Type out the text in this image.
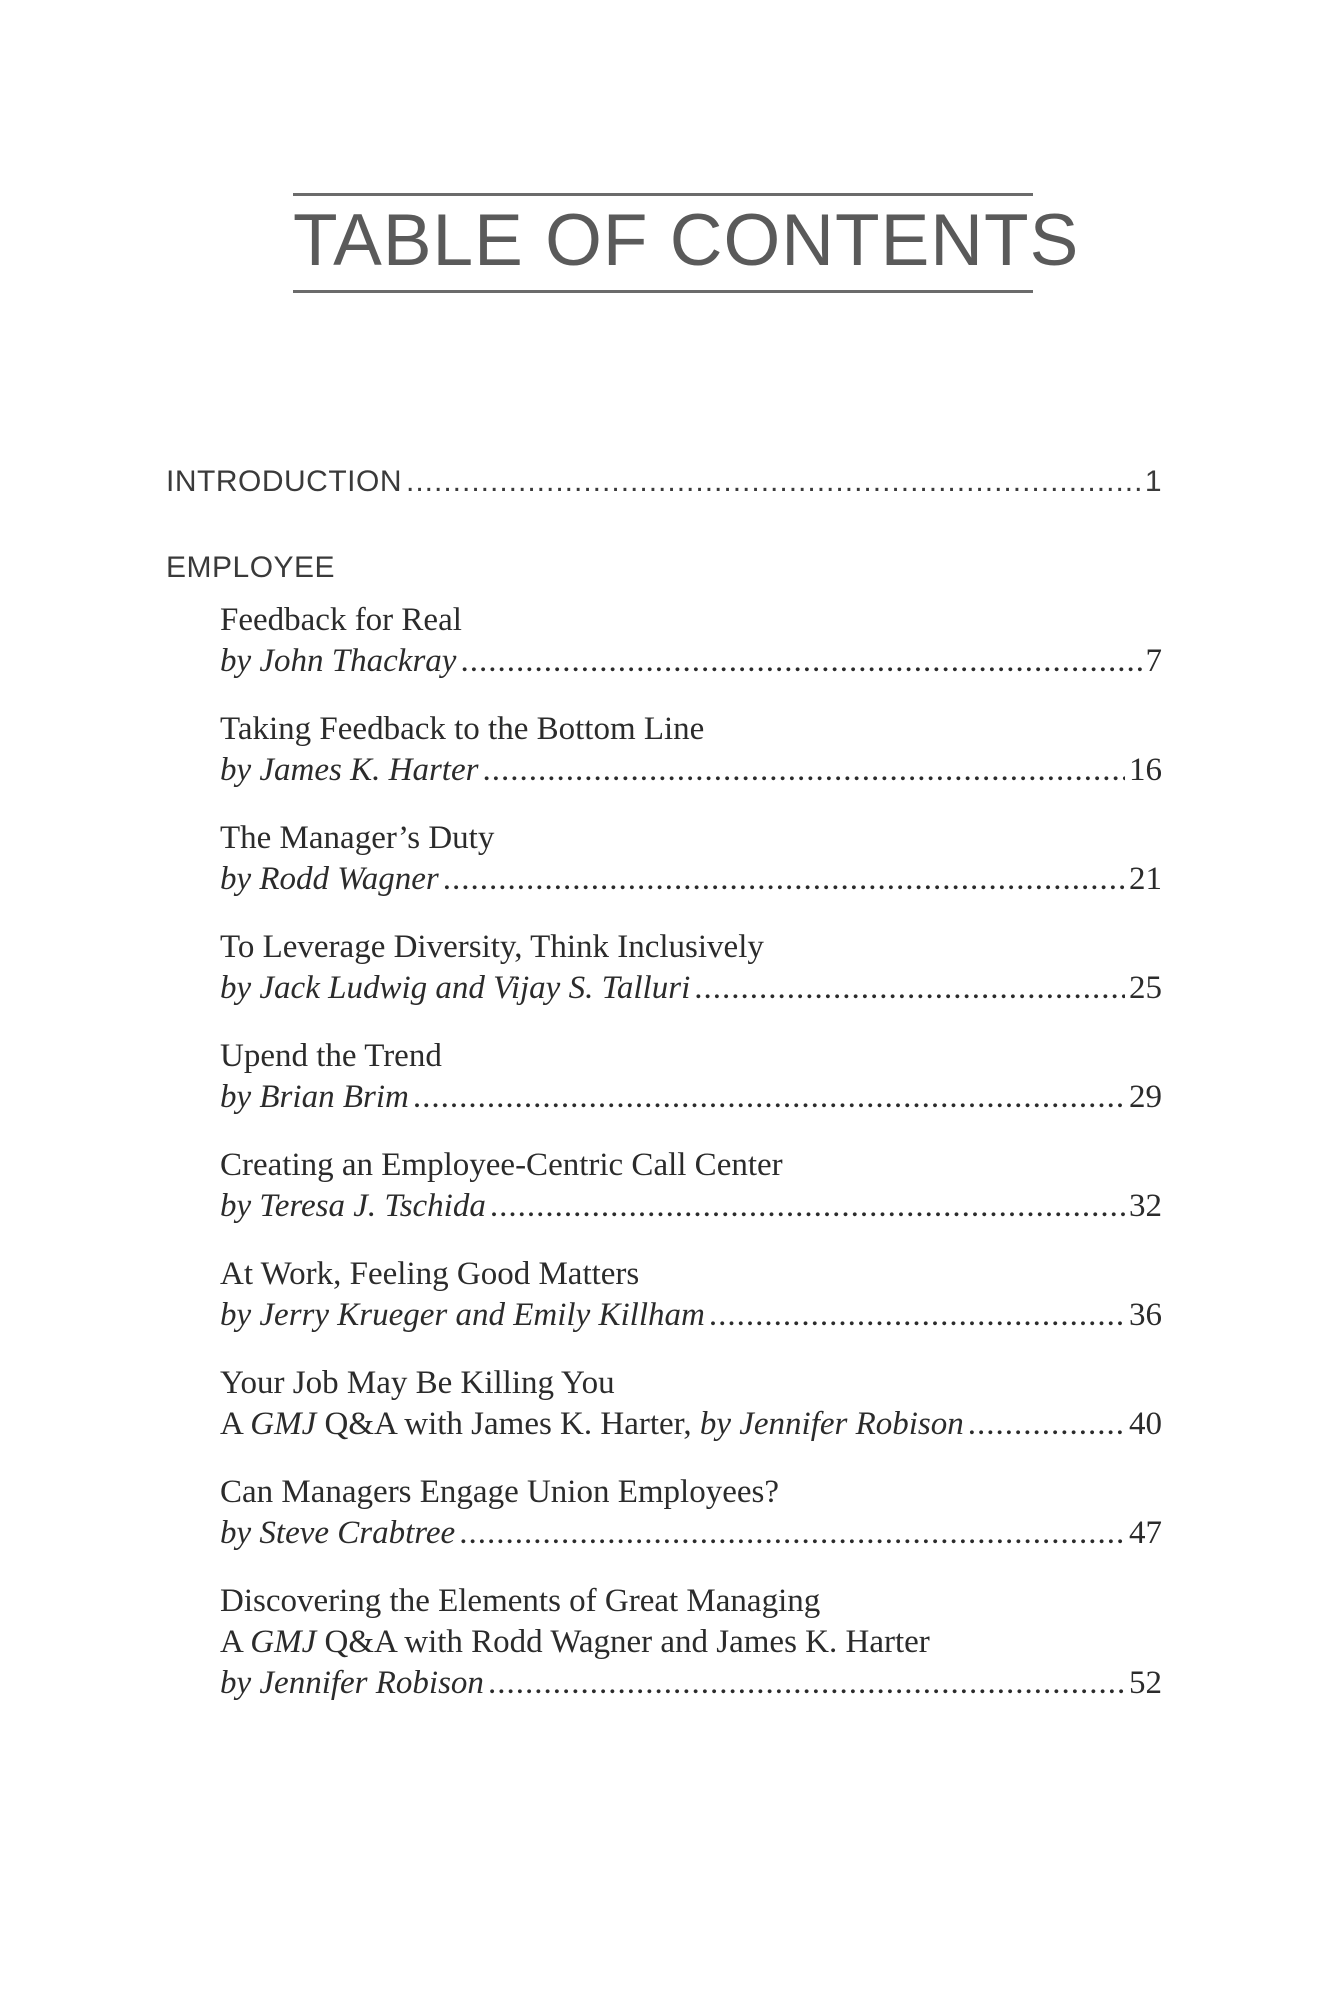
TABLE OF CONTENTS
INTRODUCTION .....	1
EMPLOYEE
Feedback for Real
by John Thackray .....	7
Taking Feedback to the Bottom Line
by James K. Harter .....	16
The Manager’s Duty
by Rodd Wagner .....	21
To Leverage Diversity, Think Inclusively
by Jack Ludwig and Vijay S. Talluri .....	25
Upend the Trend
by Brian Brim .....	29
Creating an Employee-Centric Call Center
by Teresa J. Tschida .....	32
At Work, Feeling Good Matters
by Jerry Krueger and Emily Killham .....	36
Your Job May Be Killing You
A GMJ Q&A with James K. Harter, by Jennifer Robison .....	40
Can Managers Engage Union Employees?
by Steve Crabtree .....	47
Discovering the Elements of Great Managing
A GMJ Q&A with Rodd Wagner and James K. Harter
by Jennifer Robison .....	52
